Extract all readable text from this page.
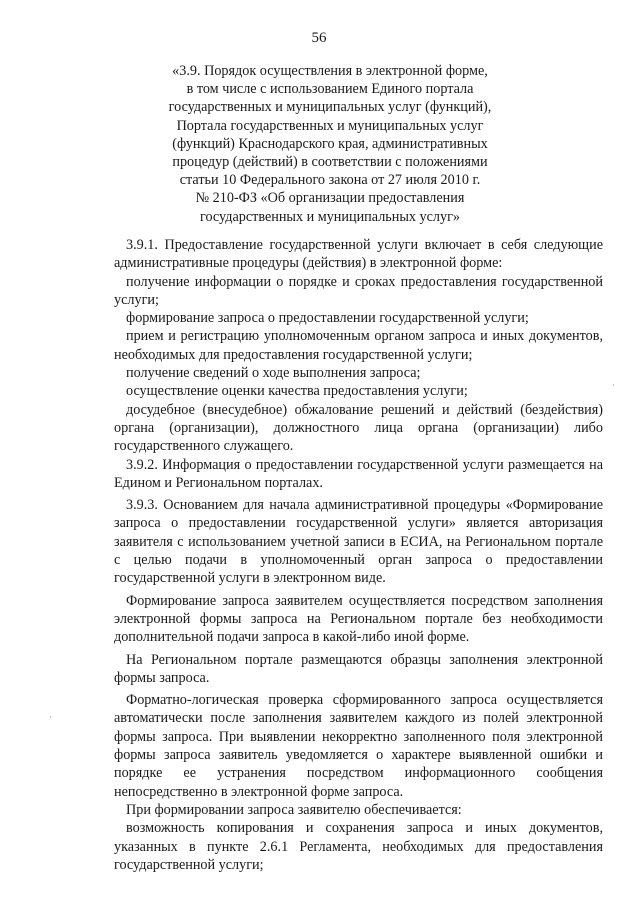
56
«3.9. Порядок осуществления в электронной форме,
в том числе с использованием Единого портала
государственных и муниципальных услуг (функций),
Портала государственных и муниципальных услуг
(функций) Краснодарского края, административных
процедур (действий) в соответствии с положениями
статьи 10 Федерального закона от 27 июля 2010 г.
№ 210-ФЗ «Об организации предоставления
государственных и муниципальных услуг»

3.9.1. Предоставление государственной услуги включает в себя следующие административные процедуры (действия) в электронной форме:

получение информации о порядке и сроках предоставления государственной услуги;

формирование запроса о предоставлении государственной услуги;

прием и регистрацию уполномоченным органом запроса и иных документов, необходимых для предоставления государственной услуги;

получение сведений о ходе выполнения запроса;

осуществление оценки качества предоставления услуги;

досудебное (внесудебное) обжалование решений и действий (бездействия) органа (организации), должностного лица органа (организации) либо государственного служащего.

3.9.2. Информация о предоставлении государственной услуги размещается на Едином и Региональном порталах.

3.9.3. Основанием для начала административной процедуры «Формирование запроса о предоставлении государственной услуги» является авторизация заявителя с использованием учетной записи в ЕСИА, на Региональном портале с целью подачи в уполномоченный орган запроса о предоставлении государственной услуги в электронном виде.

Формирование запроса заявителем осуществляется посредством заполнения электронной формы запроса на Региональном портале без необходимости дополнительной подачи запроса в какой-либо иной форме.

На Региональном портале размещаются образцы заполнения электронной формы запроса.

Форматно-логическая проверка сформированного запроса осуществляется автоматически после заполнения заявителем каждого из полей электронной формы запроса. При выявлении некорректно заполненного поля электронной формы запроса заявитель уведомляется о характере выявленной ошибки и порядке ее устранения посредством информационного сообщения непосредственно в электронной форме запроса.

При формировании запроса заявителю обеспечивается:

возможность копирования и сохранения запроса и иных документов, указанных в пункте 2.6.1 Регламента, необходимых для предоставления государственной услуги;

·
·
